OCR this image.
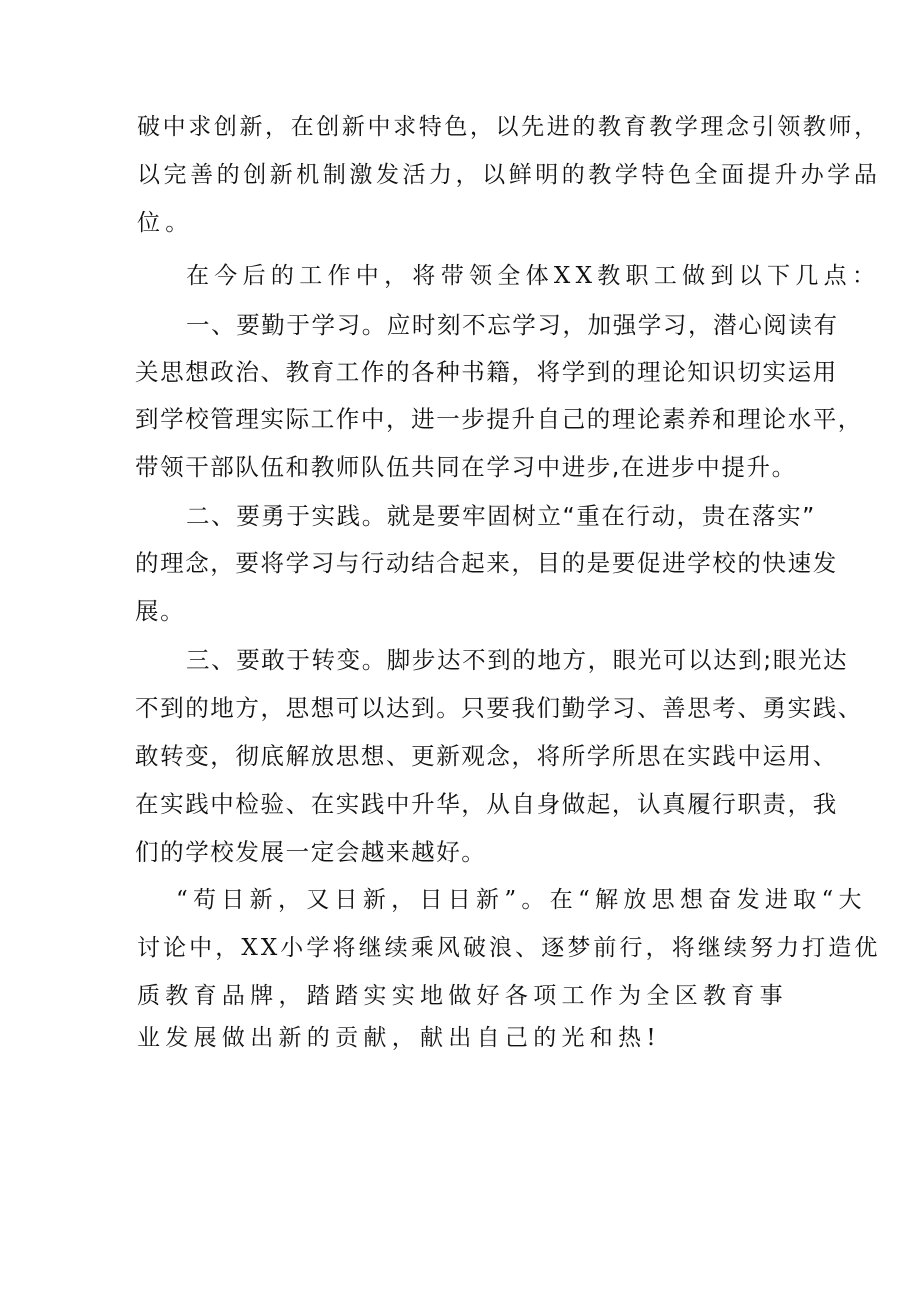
破中求创新，在创新中求特色，以先进的教育教学理念引领教师，
以完善的创新机制激发活力，以鲜明的教学特色全面提升办学品
位。
在今后的工作中，将带领全体XX教职工做到以下几点：
一、要勤于学习。应时刻不忘学习，加强学习，潜心阅读有
关思想政治、教育工作的各种书籍，将学到的理论知识切实运用
到学校管理实际工作中，进一步提升自己的理论素养和理论水平，
带领干部队伍和教师队伍共同在学习中进步,在进步中提升。
二、要勇于实践。就是要牢固树立“重在行动，贵在落实”
的理念，要将学习与行动结合起来，目的是要促进学校的快速发
展。
三、要敢于转变。脚步达不到的地方，眼光可以达到;眼光达
不到的地方，思想可以达到。只要我们勤学习、善思考、勇实践、
敢转变，彻底解放思想、更新观念，将所学所思在实践中运用、
在实践中检验、在实践中升华，从自身做起，认真履行职责，我
们的学校发展一定会越来越好。
“苟日新，又日新，日日新”。在“解放思想奋发进取“大
讨论中，XX小学将继续乘风破浪、逐梦前行，将继续努力打造优
质教育品牌，踏踏实实地做好各项工作为全区教育事
业发展做出新的贡献，献出自己的光和热!
